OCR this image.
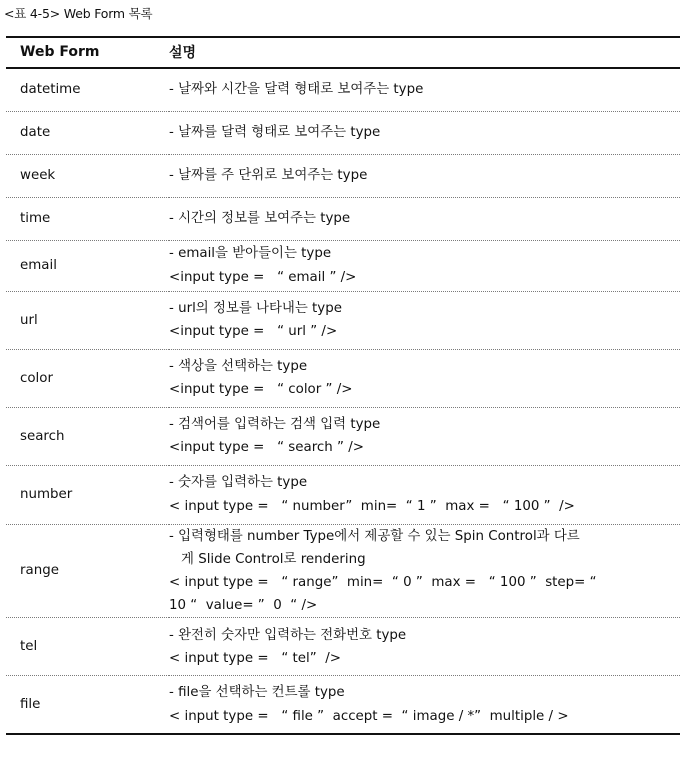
<표 4-5> Web Form 목록
Web Form	설명
datetime	- 날짜와 시간을 달력 형태로 보여주는 type

date	- 날짜를 달력 형태로 보여주는 type

week	- 날짜를 주 단위로 보여주는 type

time	- 시간의 정보를 보여주는 type

email	- email을 받아들이는 type
<input type =   “ email ” />

url	- url의 정보를 나타내는 type
<input type =   “ url ” />

color	- 색상을 선택하는 type
<input type =   “ color ” />

search	- 검색어를 입력하는 검색 입력 type
<input type =   “ search ” />

number	- 숫자를 입력하는 type
< input type =   “ number”  min=  “ 1 ”  max =   “ 100 ”  />

range	- 입력형태를 number Type에서 제공할 수 있는 Spin Control과 다르
게 Slide Control로 rendering
< input type =   “ range”  min=  “ 0 ”  max =   “ 100 ”  step= “
10 “  value= ”  0  “ />

tel	- 완전히 숫자만 입력하는 전화번호 type
< input type =   “ tel”  />

file	- file을 선택하는 컨트롤 type
< input type =   “ file ”  accept =  “ image / *”  multiple / >
